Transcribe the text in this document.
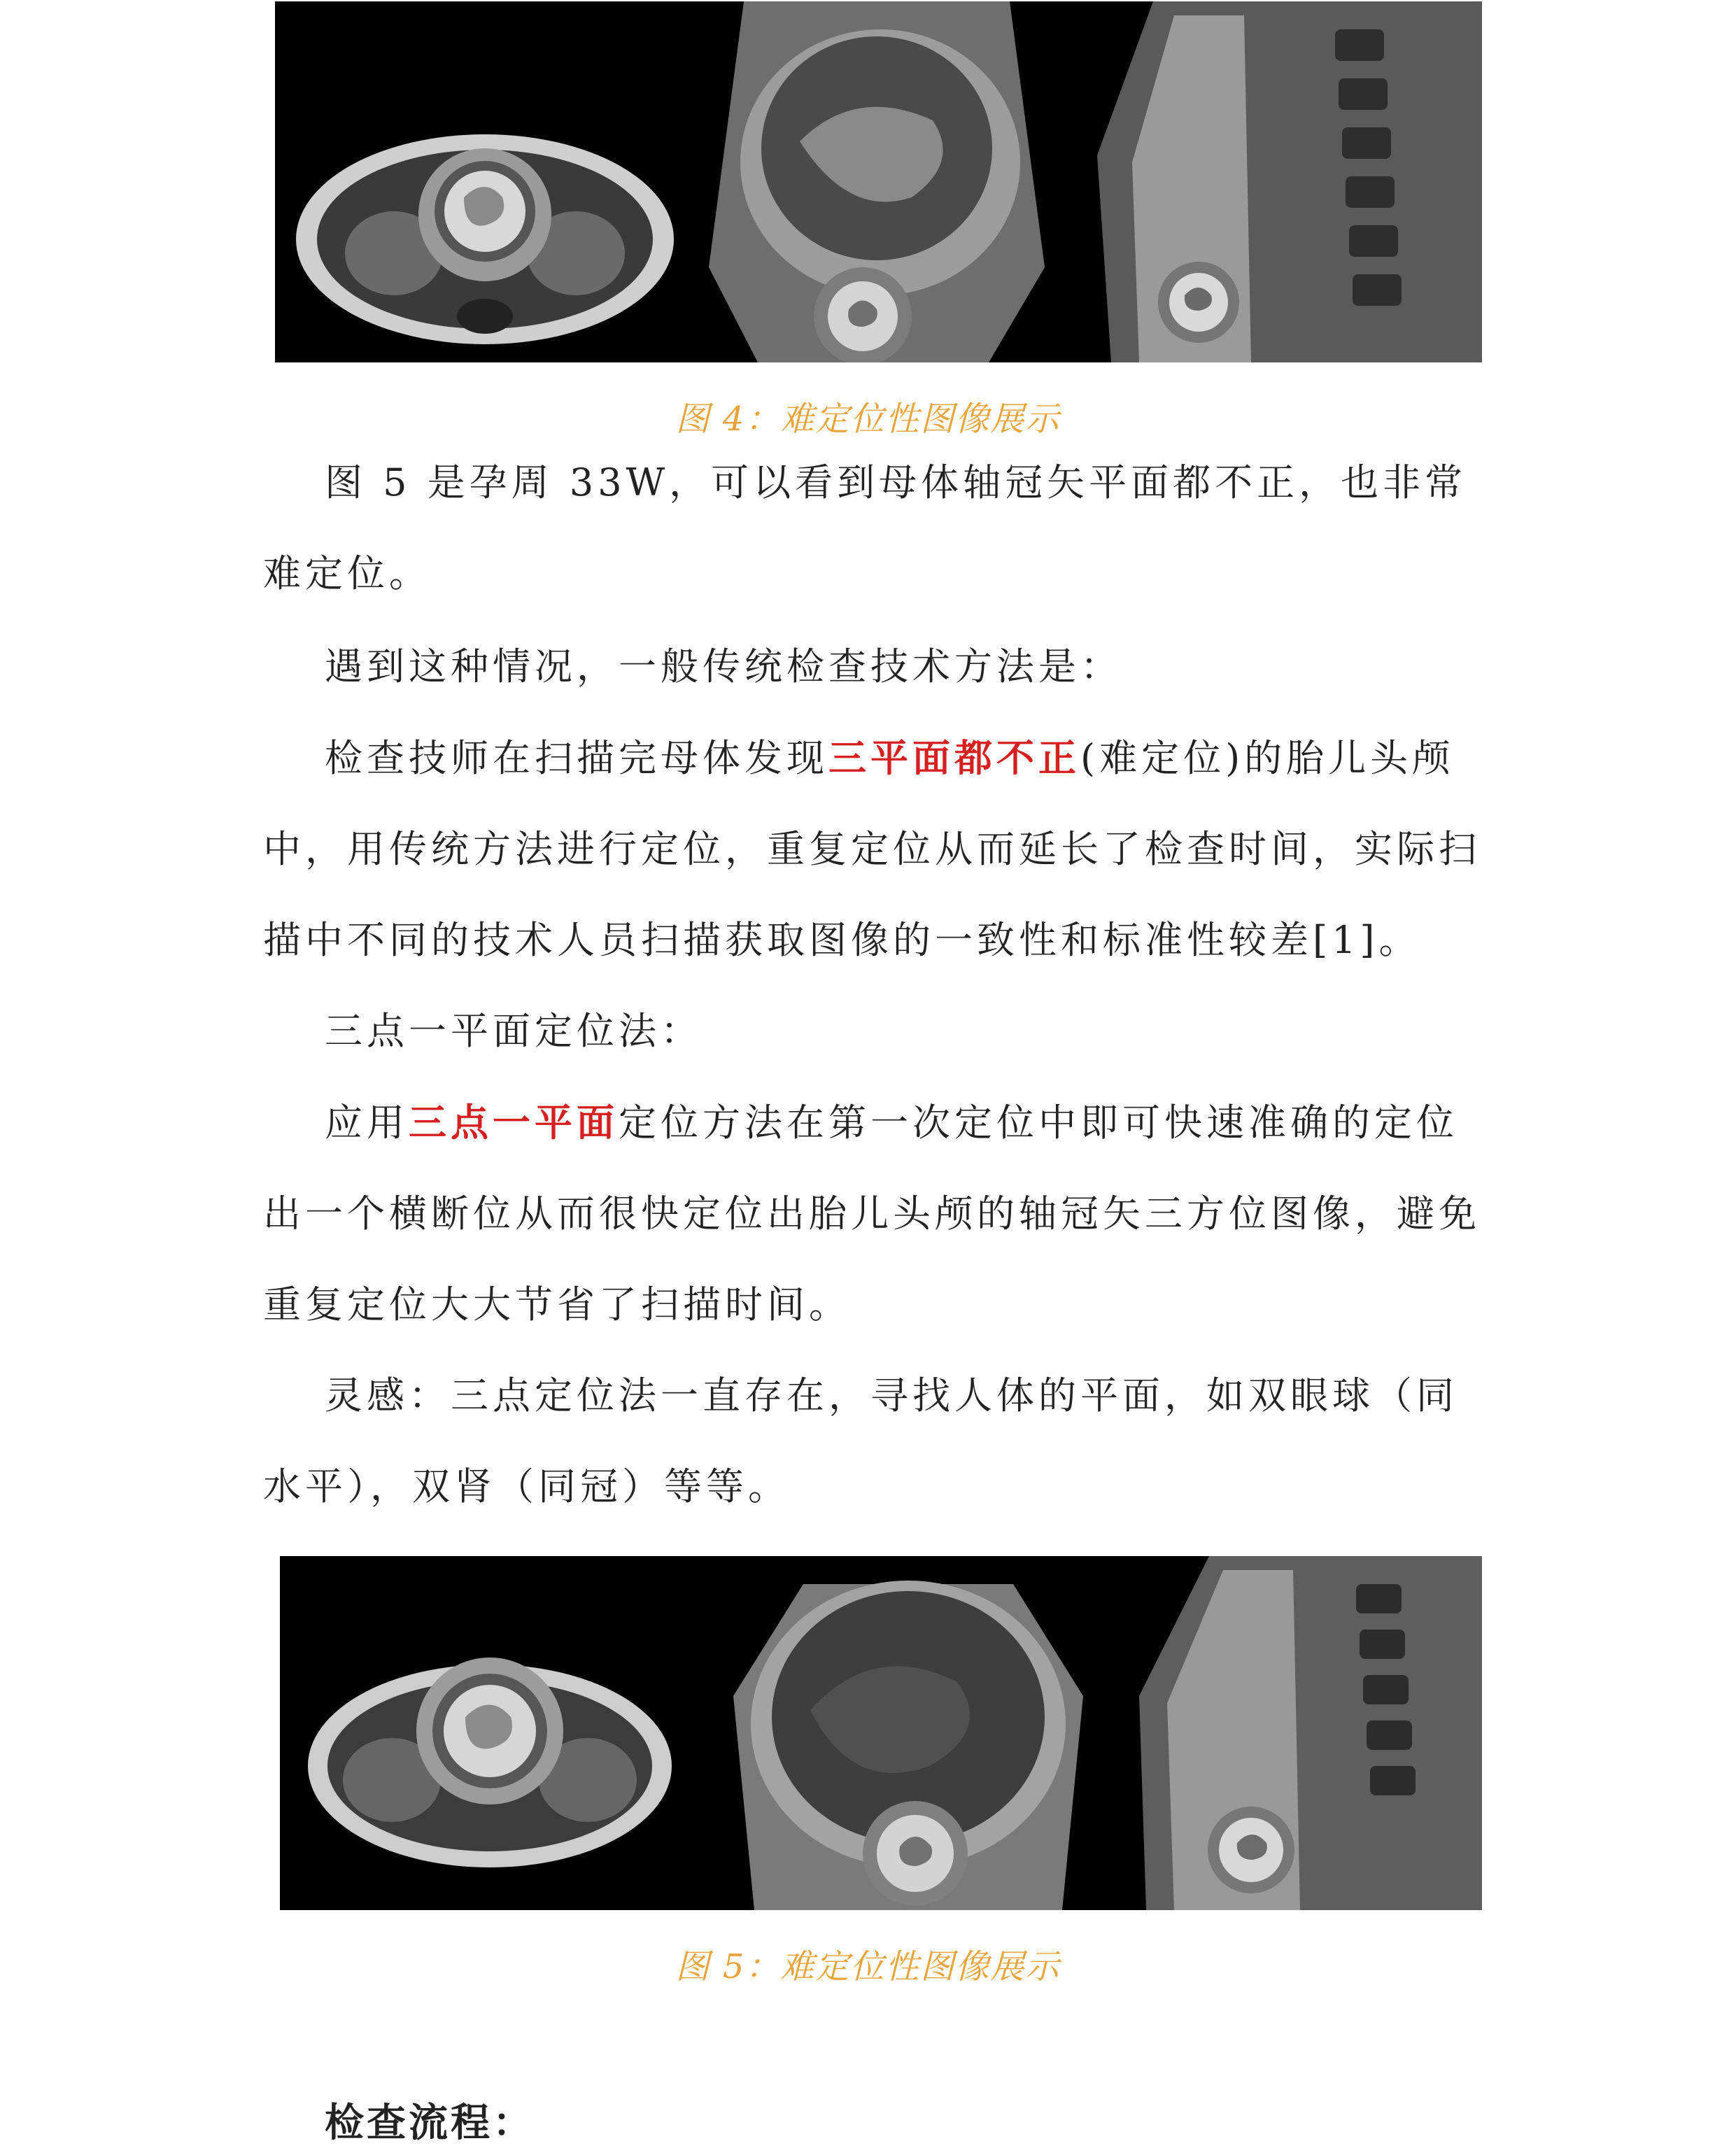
图 4：难定位性图像展示

图 5 是孕周 33W，可以看到母体轴冠矢平面都不正，也非常难定位。

遇到这种情况，一般传统检查技术方法是：

检查技师在扫描完母体发现三平面都不正(难定位)的胎儿头颅中，用传统方法进行定位，重复定位从而延长了检查时间，实际扫描中不同的技术人员扫描获取图像的一致性和标准性较差[1]。

三点一平面定位法：

应用三点一平面定位方法在第一次定位中即可快速准确的定位出一个横断位从而很快定位出胎儿头颅的轴冠矢三方位图像，避免重复定位大大节省了扫描时间。

灵感：三点定位法一直存在，寻找人体的平面，如双眼球（同水平），双肾（同冠）等等。

图 5：难定位性图像展示
检查流程：
